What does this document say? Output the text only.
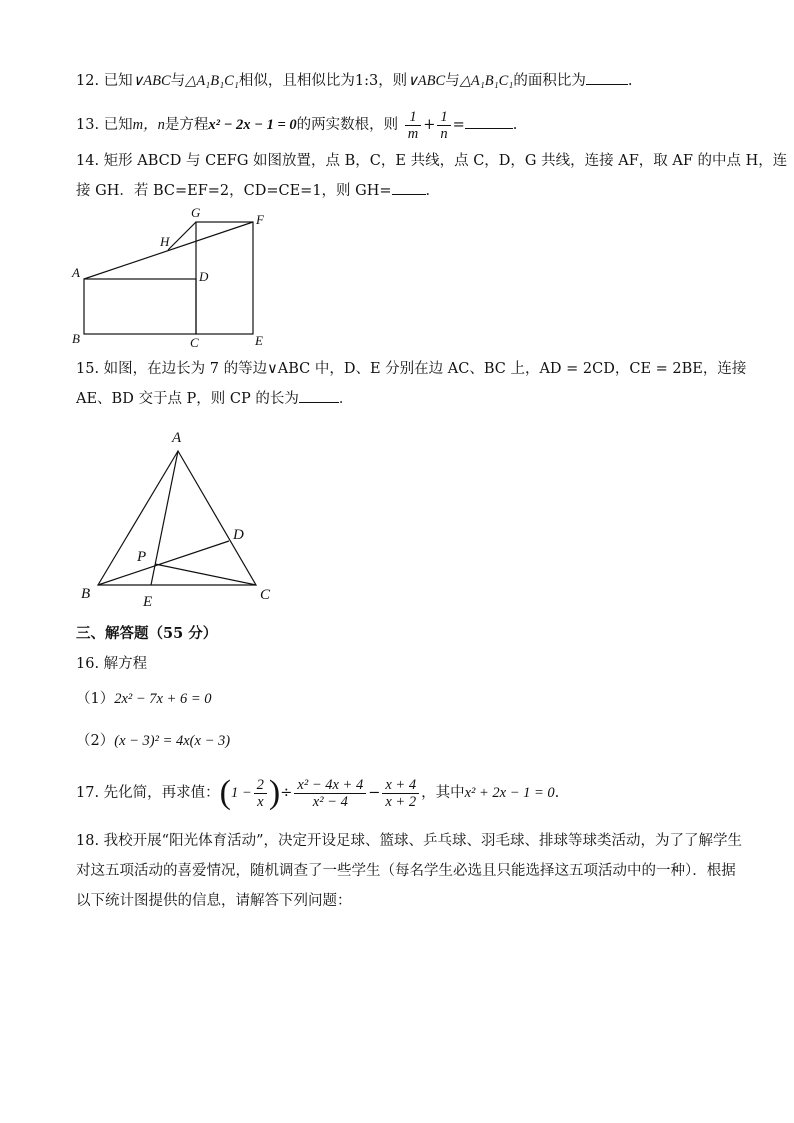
12. 已知∨ABC与△A₁B₁C₁相似，且相似比为1:3，则∨ABC与△A₁B₁C₁的面积比为	.
13. 已知m，n是方程x² − 2x − 1 = 0的两实数根，则 $\frac{1}{m} + \frac{1}{n}$ =	.
14. 矩形 ABCD 与 CEFG 如图放置，点 B，C，E 共线，点 C，D，G 共线，连接 AF，取 AF 的中点 H，连
接 GH．若 BC=EF=2，CD=CE=1，则 GH= ．
G	F
H
A	D
B	C	E
15. 如图，在边长为 7 的等边∨ABC 中，D、E 分别在边 AC、BC 上，AD = 2CD，CE = 2BE，连接
AE、BD 交于点 P，则 CP 的长为	．
A
D
P
B	E	C
三、解答题（55 分）
16. 解方程
（1）2x² − 7x + 6 = 0
（2）(x − 3)² = 4x(x − 3)
17. 先化简，再求值：($1 - \frac{2}{x}$ )÷ $\frac{\text{x² − 4x + 4}}{\text{x² − 4}} - \frac{x + 4}{x + 2}$ ，其中x² + 2x − 1 = 0.
18. 我校开展“阳光体育活动”，决定开设足球、篮球、乒乓球、羽毛球、排球等球类活动，为了了解学生
对这五项活动的喜爱情况，随机调查了一些学生（每名学生必选且只能选择这五项活动中的一种）．根据
以下统计图提供的信息，请解答下列问题：
